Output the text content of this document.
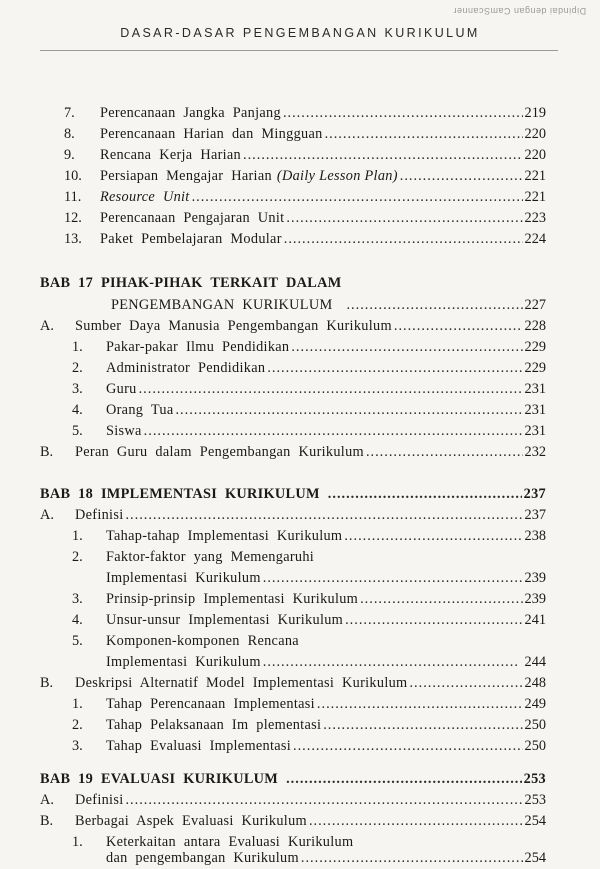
Dipindai dengan CamScanner
DASAR-DASAR PENGEMBANGAN KURIKULUM
7.	Perencanaan Jangka Panjang .....	219
8.	Perencanaan Harian dan Mingguan .....	220
9.	Rencana Kerja Harian .....	220
10.	Persiapan Mengajar Harian (Daily Lesson Plan) .....	221
11.	Resource Unit .....	221
12.	Perencanaan Pengajaran Unit .....	223
13.	Paket Pembelajaran Modular .....	224
BAB 17 PIHAK-PIHAK TERKAIT DALAM
PENGEMBANGAN KURIKULUM .....	227
A.	Sumber Daya Manusia Pengembangan Kurikulum .....	228
1.	Pakar-pakar Ilmu Pendidikan .....	229
2.	Administrator Pendidikan .....	229
3.	Guru .....	231
4.	Orang Tua .....	231
5.	Siswa .....	231
B.	Peran Guru dalam Pengembangan Kurikulum .....	232
BAB 18 IMPLEMENTASI KURIKULUM .....	237
A.	Definisi .....	237
1.	Tahap-tahap Implementasi Kurikulum .....	238
2.	Faktor-faktor yang Memengaruhi
Implementasi Kurikulum .....	239
3.	Prinsip-prinsip Implementasi Kurikulum .....	239
4.	Unsur-unsur Implementasi Kurikulum .....	241
5.	Komponen-komponen Rencana
Implementasi Kurikulum .....	244
B.	Deskripsi Alternatif Model Implementasi Kurikulum .....	248
1.	Tahap Perencanaan Implementasi .....	249
2.	Tahap Pelaksanaan Im plementasi .....	250
3.	Tahap Evaluasi Implementasi .....	250
BAB 19 EVALUASI KURIKULUM .....	253
A.	Definisi .....	253
B.	Berbagai Aspek Evaluasi Kurikulum .....	254
1.	Keterkaitan antara Evaluasi Kurikulum
dan pengembangan Kurikulum .....	254
